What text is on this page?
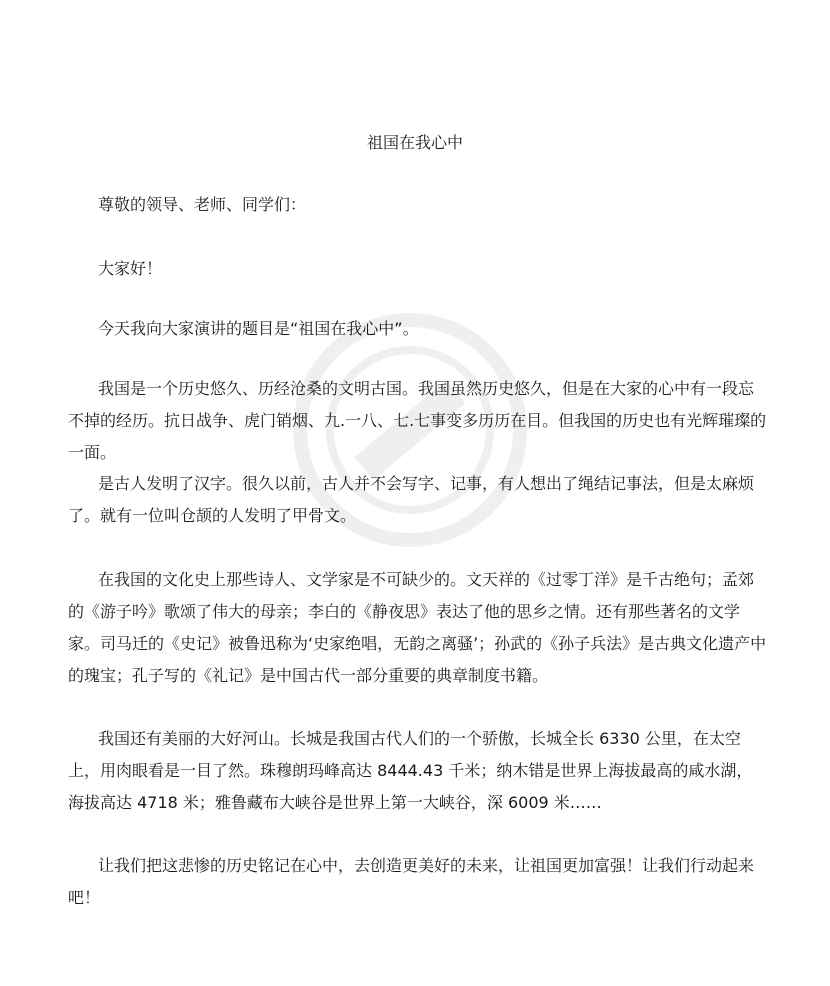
祖国在我心中

尊敬的领导、老师、同学们：

大家好！

今天我向大家演讲的题目是“祖国在我心中”。

我国是一个历史悠久、历经沧桑的文明古国。我国虽然历史悠久，但是在大家的心中有一段忘不掉的经历。抗日战争、虎门销烟、九.一八、七.七事变多历历在目。但我国的历史也有光辉璀璨的一面。

是古人发明了汉字。很久以前，古人并不会写字、记事，有人想出了绳结记事法，但是太麻烦了。就有一位叫仓颉的人发明了甲骨文。

在我国的文化史上那些诗人、文学家是不可缺少的。文天祥的《过零丁洋》是千古绝句；孟郊的《游子吟》歌颂了伟大的母亲；李白的《静夜思》表达了他的思乡之情。还有那些著名的文学家。司马迁的《史记》被鲁迅称为‘史家绝唱，无韵之离骚’；孙武的《孙子兵法》是古典文化遗产中的瑰宝；孔子写的《礼记》是中国古代一部分重要的典章制度书籍。

我国还有美丽的大好河山。长城是我国古代人们的一个骄傲，长城全长 6330 公里，在太空上，用肉眼看是一目了然。珠穆朗玛峰高达 8444.43 千米；纳木错是世界上海拔最高的咸水湖，海拔高达 4718 米；雅鲁藏布大峡谷是世界上第一大峡谷，深 6009 米……

让我们把这悲惨的历史铭记在心中，去创造更美好的未来，让祖国更加富强！让我们行动起来吧！
